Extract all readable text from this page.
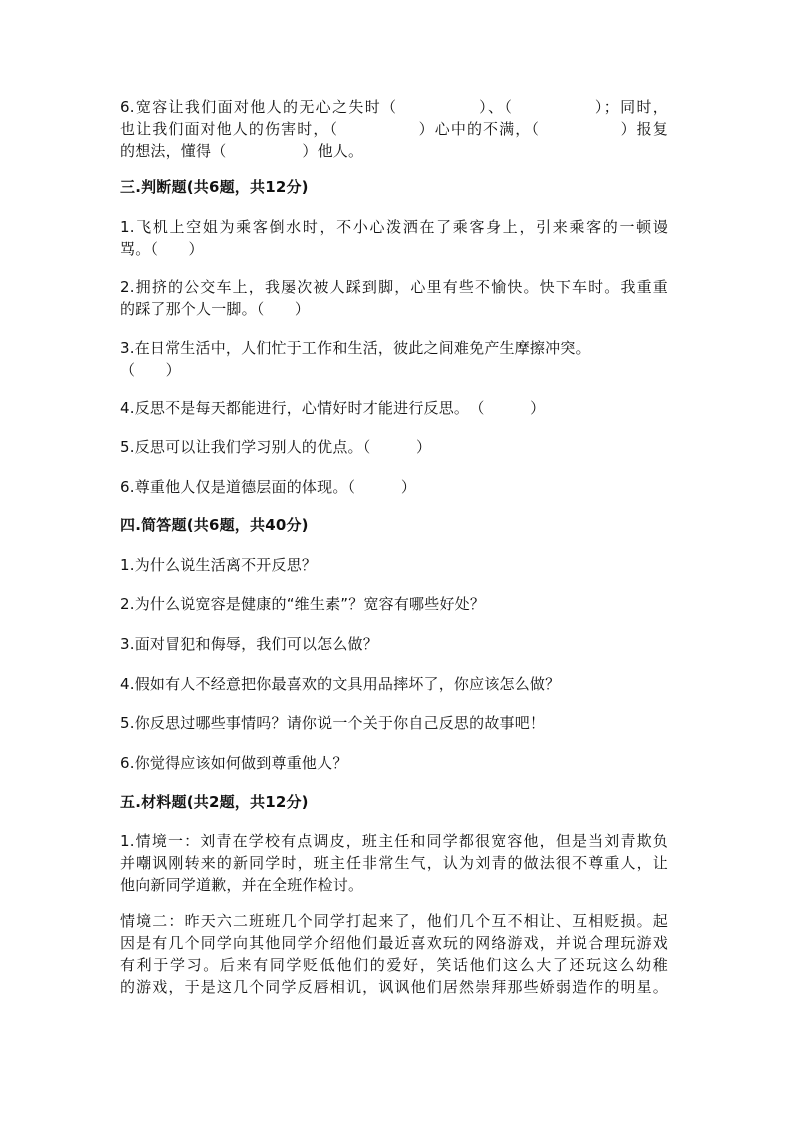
6.宽容让我们面对他人的无心之失时（　　　　　）、（　　　　　）；同时，
也让我们面对他人的伤害时，（　　　　　）心中的不满，（　　　　　）报复
的想法，懂得（　　　　　）他人。
三.判断题(共6题，共12分)
1.飞机上空姐为乘客倒水时，不小心泼洒在了乘客身上，引来乘客的一顿谩
骂。（　　）
2.拥挤的公交车上，我屡次被人踩到脚，心里有些不愉快。快下车时。我重重
的踩了那个人一脚。（　　）
3.在日常生活中，人们忙于工作和生活，彼此之间难免产生摩擦冲突。
（　　）
4.反思不是每天都能进行，心情好时才能进行反思。　（　　　）
5.反思可以让我们学习别人的优点。（　　　）
6.尊重他人仅是道德层面的体现。（　　　）
四.简答题(共6题，共40分)
1.为什么说生活离不开反思？
2.为什么说宽容是健康的“维生素”？宽容有哪些好处？
3.面对冒犯和侮辱，我们可以怎么做？
4.假如有人不经意把你最喜欢的文具用品摔坏了，你应该怎么做？
5.你反思过哪些事情吗？请你说一个关于你自己反思的故事吧！
6.你觉得应该如何做到尊重他人？
五.材料题(共2题，共12分)
1.情境一：刘青在学校有点调皮，班主任和同学都很宽容他，但是当刘青欺负
并嘲讽刚转来的新同学时，班主任非常生气，认为刘青的做法很不尊重人，让
他向新同学道歉，并在全班作检讨。
情境二：昨天六二班班几个同学打起来了，他们几个互不相让、互相贬损。起
因是有几个同学向其他同学介绍他们最近喜欢玩的网络游戏，并说合理玩游戏
有利于学习。后来有同学贬低他们的爱好，笑话他们这么大了还玩这么幼稚
的游戏，于是这几个同学反唇相讥，讽讽他们居然崇拜那些娇弱造作的明星。
